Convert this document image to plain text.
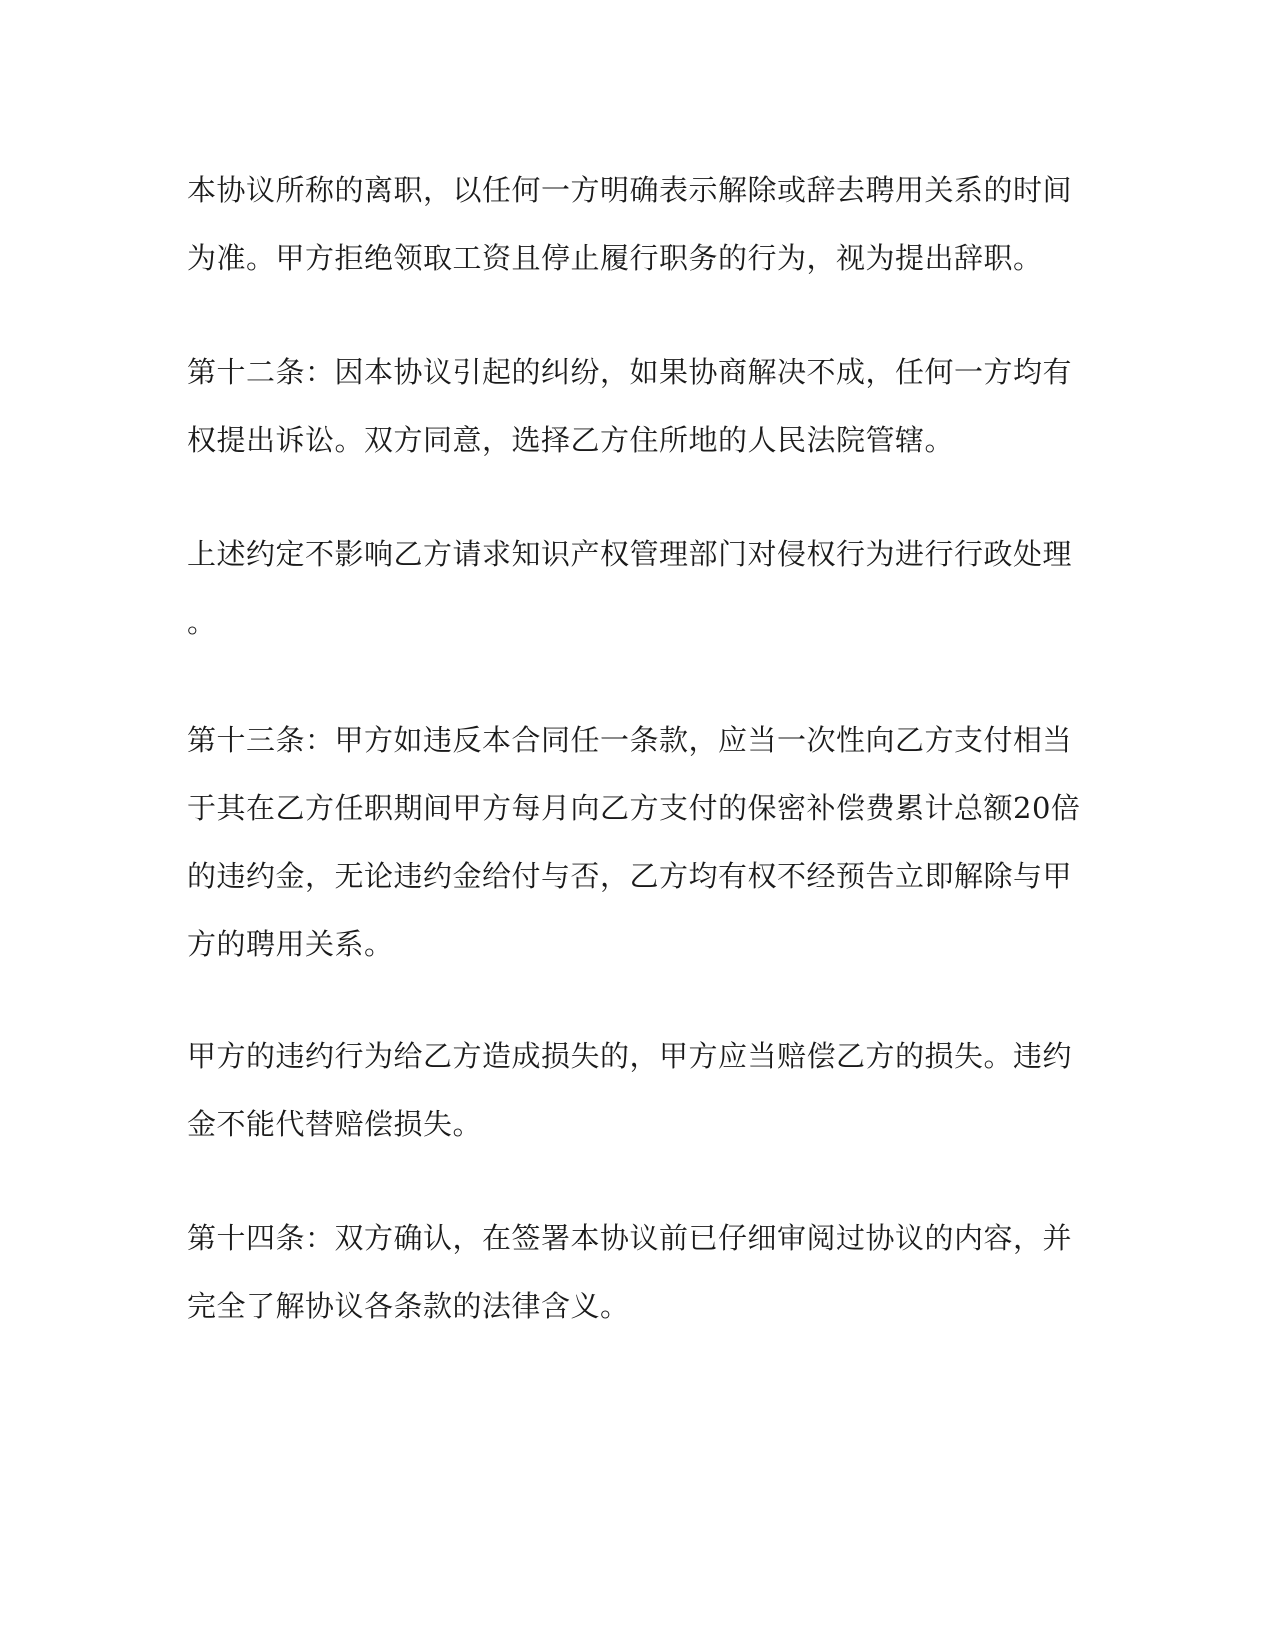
本协议所称的离职，以任何一方明确表示解除或辞去聘用关系的时间
为准。甲方拒绝领取工资且停止履行职务的行为，视为提出辞职。

第十二条：因本协议引起的纠纷，如果协商解决不成，任何一方均有
权提出诉讼。双方同意，选择乙方住所地的人民法院管辖。

上述约定不影响乙方请求知识产权管理部门对侵权行为进行行政处理
。

第十三条：甲方如违反本合同任一条款，应当一次性向乙方支付相当
于其在乙方任职期间甲方每月向乙方支付的保密补偿费累计总额20倍
的违约金，无论违约金给付与否，乙方均有权不经预告立即解除与甲
方的聘用关系。

甲方的违约行为给乙方造成损失的，甲方应当赔偿乙方的损失。违约
金不能代替赔偿损失。

第十四条：双方确认，在签署本协议前已仔细审阅过协议的内容，并
完全了解协议各条款的法律含义。
